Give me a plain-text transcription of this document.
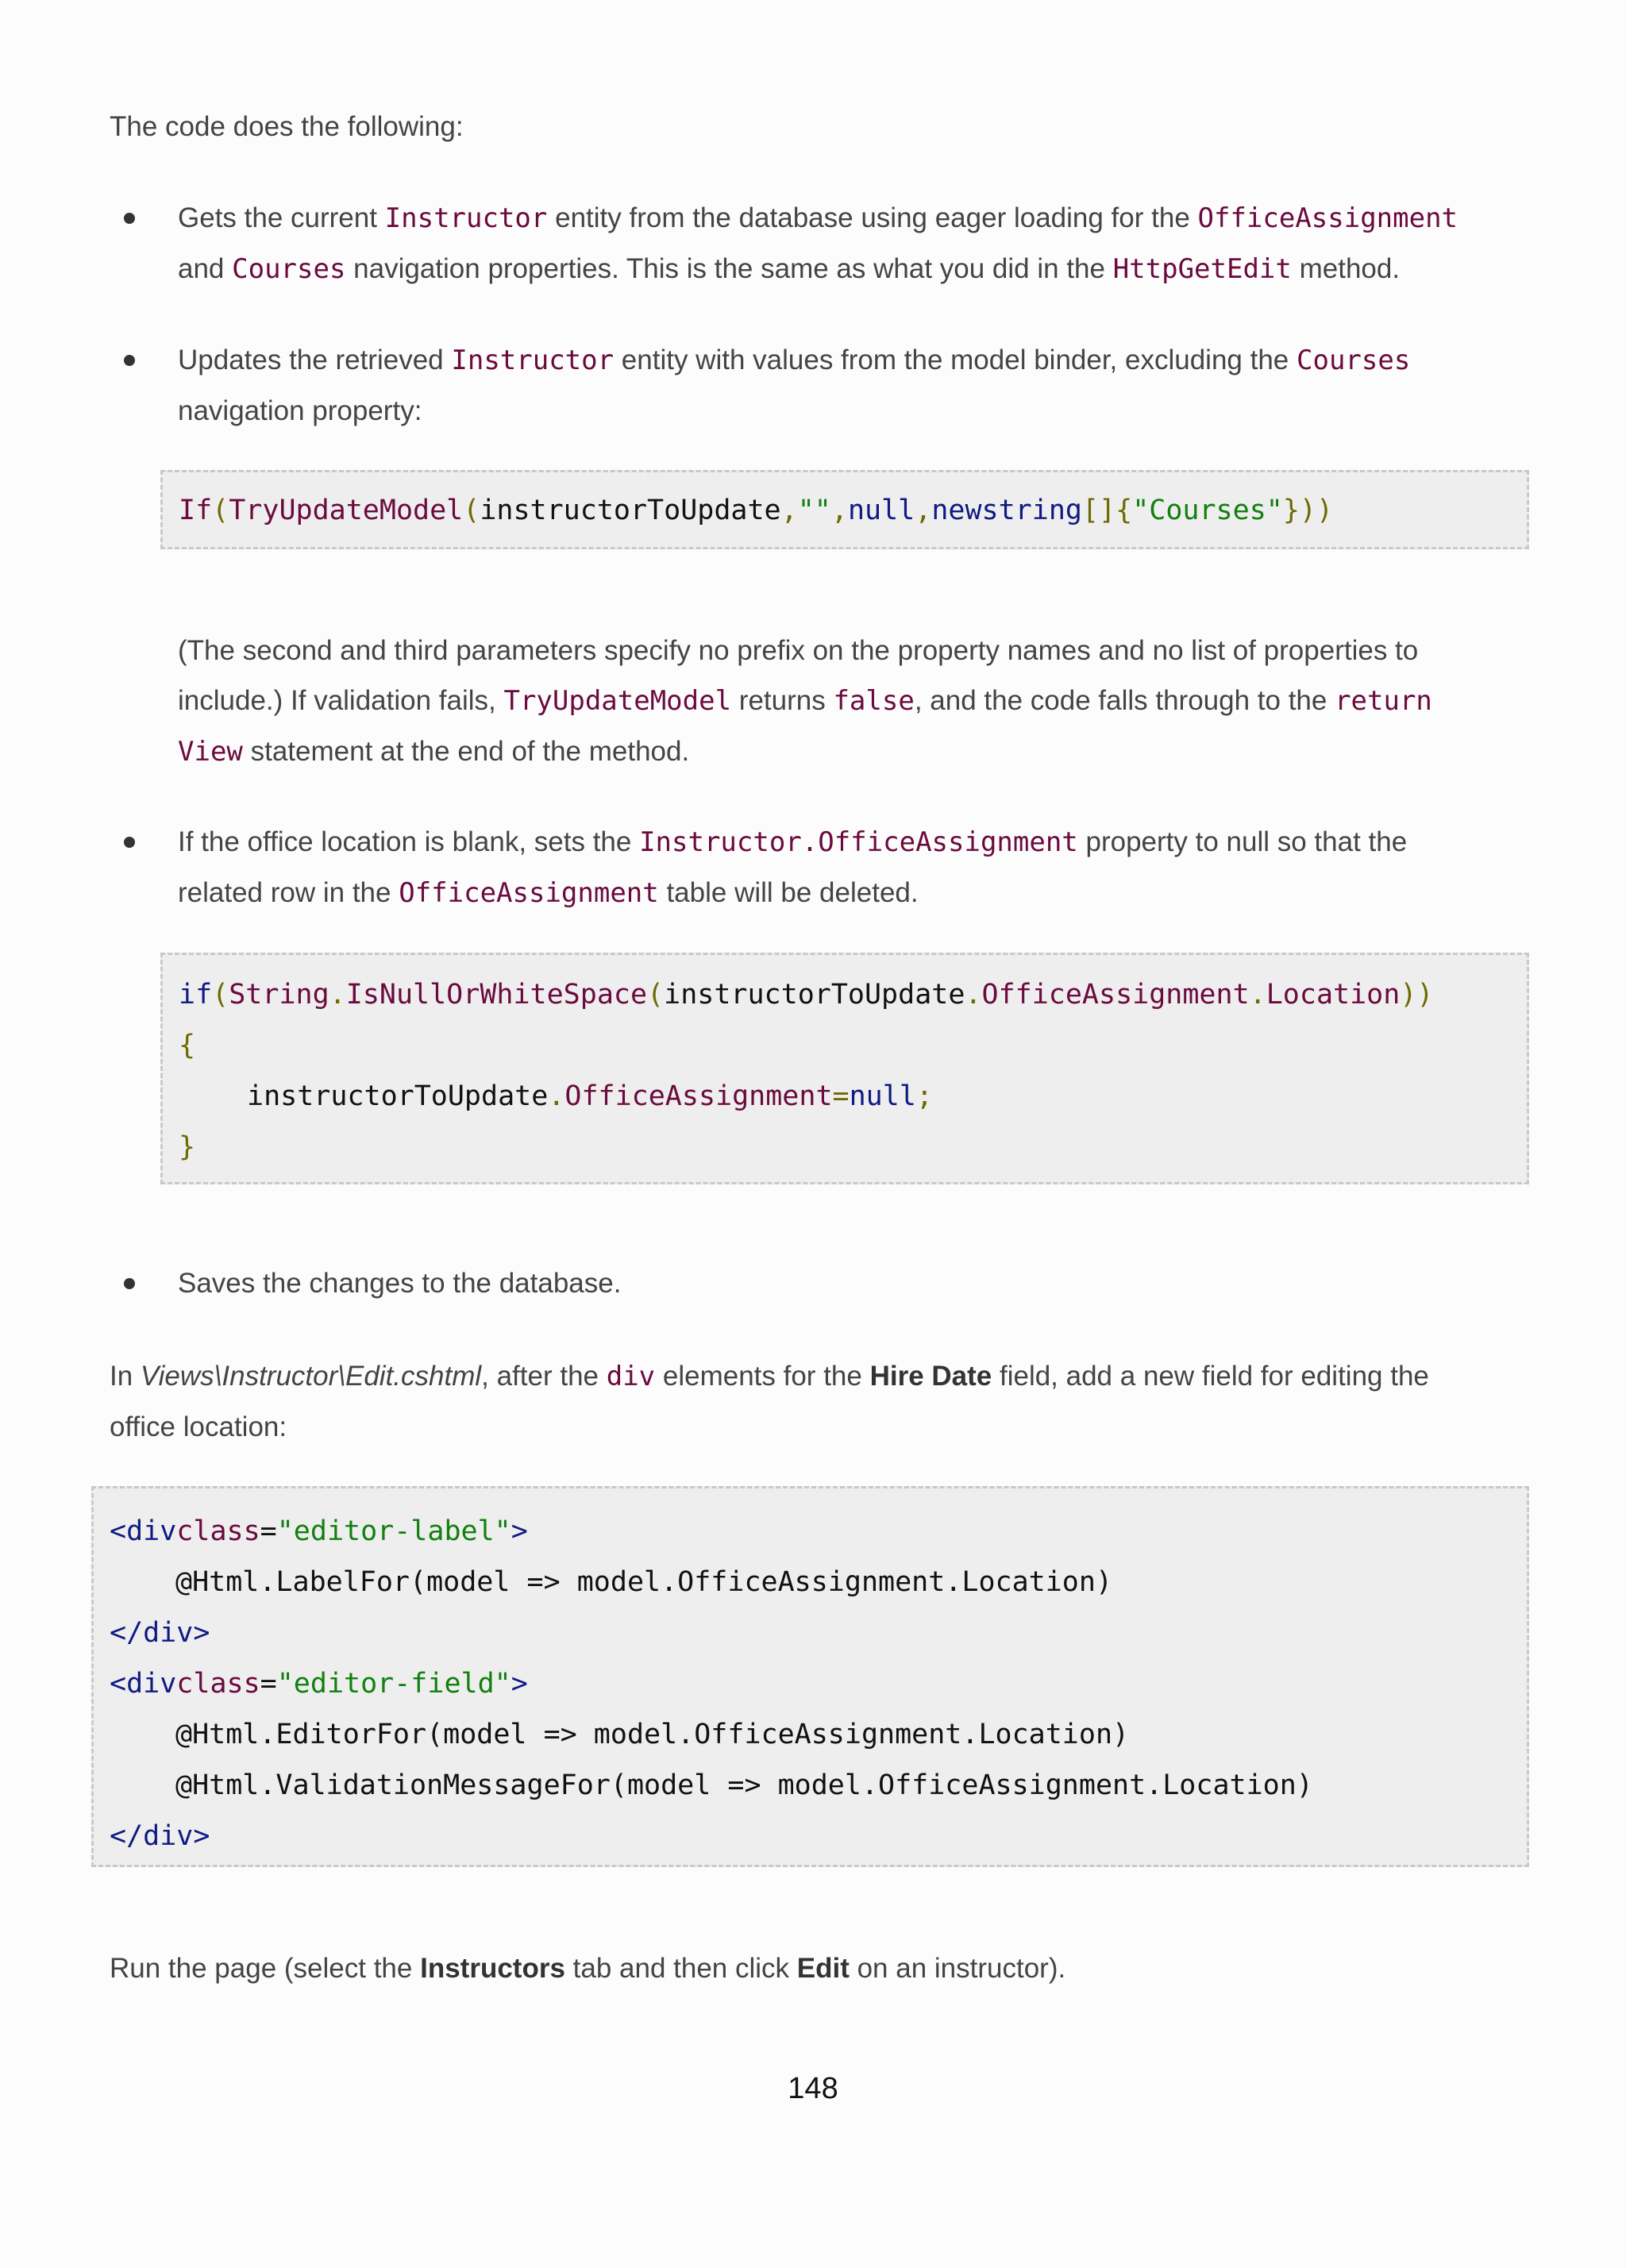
The code does the following:
Gets the current Instructor entity from the database using eager loading for the OfficeAssignment
and Courses navigation properties. This is the same as what you did in the HttpGetEdit method.
Updates the retrieved Instructor entity with values from the model binder, excluding the Courses
navigation property:
If(TryUpdateModel(instructorToUpdate,"",null,newstring[]{"Courses"}))
(The second and third parameters specify no prefix on the property names and no list of properties to
include.) If validation fails, TryUpdateModel returns false, and the code falls through to the return
View statement at the end of the method.
If the office location is blank, sets the Instructor.OfficeAssignment property to null so that the
related row in the OfficeAssignment table will be deleted.
if(String.IsNullOrWhiteSpace(instructorToUpdate.OfficeAssignment.Location))
{
instructorToUpdate.OfficeAssignment=null;
}
Saves the changes to the database.
In Views\Instructor\Edit.cshtml, after the div elements for the Hire Date field, add a new field for editing the
office location:
<divclass="editor-label">
@Html.LabelFor(model => model.OfficeAssignment.Location)
</div>
<divclass="editor-field">
@Html.EditorFor(model => model.OfficeAssignment.Location)
@Html.ValidationMessageFor(model => model.OfficeAssignment.Location)
</div>
Run the page (select the Instructors tab and then click Edit on an instructor).
148
